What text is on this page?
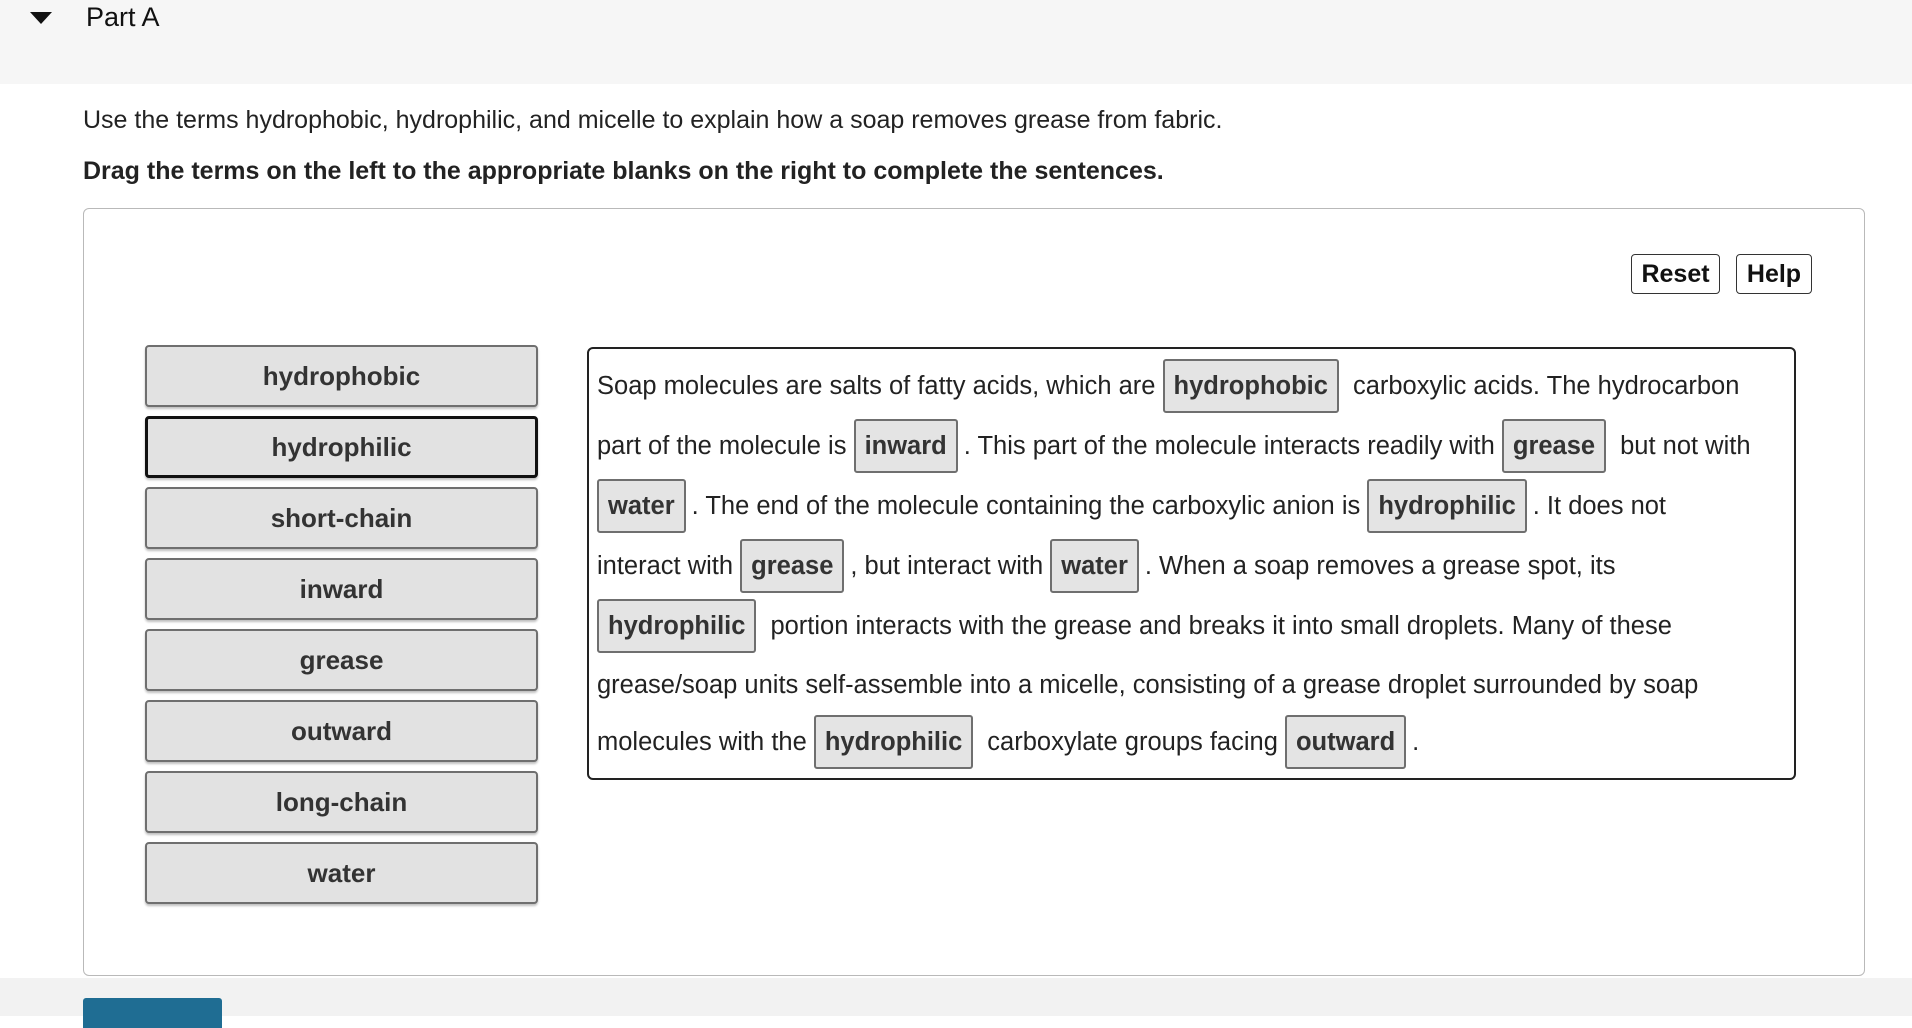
Part A
Use the terms hydrophobic, hydrophilic, and micelle to explain how a soap removes grease from fabric.
Drag the terms on the left to the appropriate blanks on the right to complete the sentences.
Reset	Help
hydrophobic
hydrophilic
short-chain
inward
grease
outward
long-chain
water
Soap molecules are salts of fatty acids, which are
hydrophobic carboxylic acids. The hydrocarbon
part of the molecule is
inward . This part of the molecule interacts readily with
grease but not with
water . The end of the molecule containing the carboxylic anion is
hydrophilic . It does not
interact with
grease , but interact with
water . When a soap removes a grease spot, its
hydrophilic portion interacts with the grease and breaks it into small droplets. Many of these
grease/soap units self-assemble into a micelle, consisting of a grease droplet surrounded by soap
molecules with the
hydrophilic carboxylate groups facing
outward .
